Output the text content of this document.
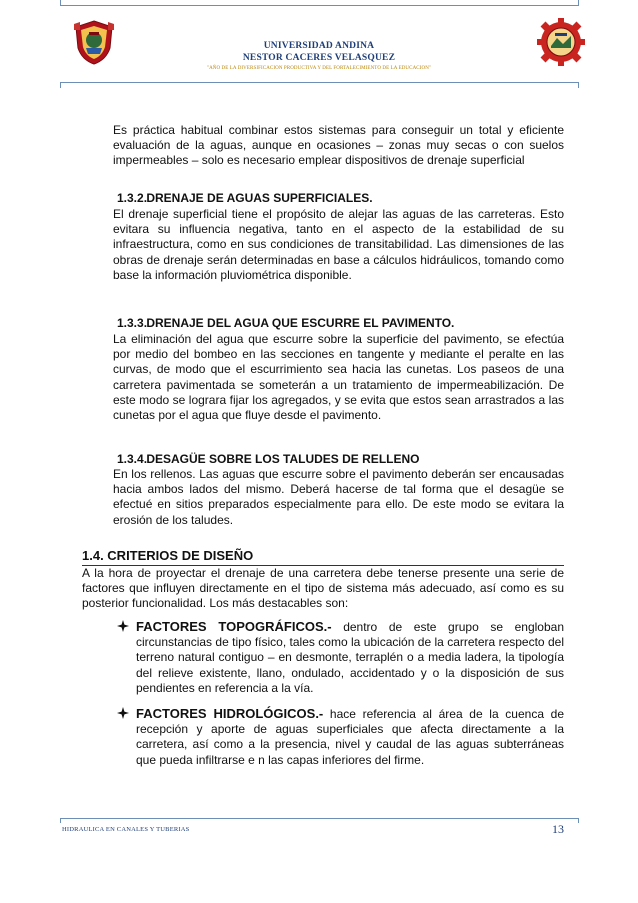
UNIVERSIDAD ANDINA
NESTOR CACERES VELASQUEZ
"AÑO DE LA DIVERSIFICACION PRODUCTIVA Y DEL FORTALECIMIENTO DE LA EDUCACION"

Es práctica habitual combinar estos sistemas para conseguir un total y eficiente evaluación de la aguas, aunque en ocasiones – zonas muy secas o con suelos impermeables – solo es necesario emplear dispositivos de drenaje superficial

1.3.2. DRENAJE DE AGUAS SUPERFICIALES.

El drenaje superficial tiene el propósito de alejar las aguas de las carreteras. Esto evitara su influencia negativa, tanto en el aspecto de la estabilidad de su infraestructura, como en sus condiciones de transitabilidad. Las dimensiones de las obras de drenaje serán determinadas en base a cálculos hidráulicos, tomando como base la información pluviométrica disponible.

1.3.3. DRENAJE DEL AGUA QUE ESCURRE EL PAVIMENTO.

La eliminación del agua que escurre sobre la superficie del pavimento, se efectúa por medio del bombeo en las secciones en tangente y mediante el peralte en las curvas, de modo que el escurrimiento sea hacia las cunetas. Los paseos de una carretera pavimentada se someterán a un tratamiento de impermeabilización. De este modo se lograra fijar los agregados, y se evita que estos sean arrastrados a las cunetas por el agua que fluye desde el pavimento.

1.3.4. DESAGÜE SOBRE LOS TALUDES DE RELLENO

En los rellenos. Las aguas que escurre sobre el pavimento deberán ser encausadas hacia ambos lados del mismo. Deberá hacerse de tal forma que el desagüe se efectué en sitios preparados especialmente para ello. De este modo se evitara la erosión de los taludes.

1.4. CRITERIOS DE DISEÑO

A la hora de proyectar el drenaje de una carretera debe tenerse presente una serie de factores que influyen directamente en el tipo de sistema más adecuado, así como es su posterior funcionalidad. Los más destacables son:

FACTORES TOPOGRÁFICOS.- dentro de este grupo se engloban circunstancias de tipo físico, tales como la ubicación de la carretera respecto del terreno natural contiguo – en desmonte, terraplén o a media ladera, la tipología del relieve existente, llano, ondulado, accidentado y o la disposición de sus pendientes en referencia a la vía.
FACTORES HIDROLÓGICOS.- hace referencia al área de la cuenca de recepción y aporte de aguas superficiales que afecta directamente a la carretera, así como a la presencia, nivel y caudal de las aguas subterráneas que pueda infiltrarse e n las capas inferiores del firme.
HIDRAULICA EN CANALES Y TUBERIAS	13
